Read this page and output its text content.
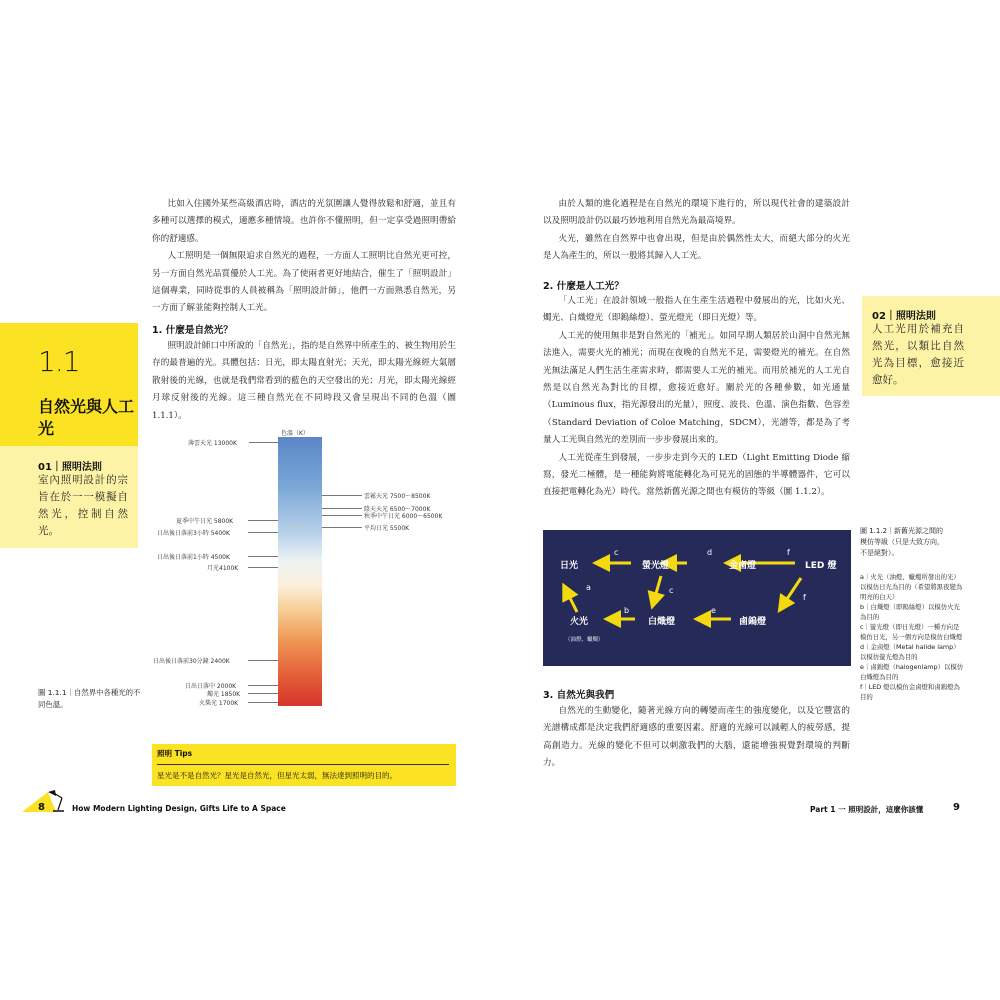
比如入住國外某些高級酒店時，酒店的光氛圍讓人覺得放鬆和舒適，並且有多種可以選擇的模式，適應多種情境。也許你不懂照明，但一定享受過照明帶給你的舒適感。

人工照明是一個無限追求自然光的過程，一方面人工照明比自然光更可控，另一方面自然光品質優於人工光。為了使兩者更好地結合，催生了「照明設計」這個專業，同時從事的人員被稱為「照明設計師」，他們一方面熟悉自然光，另一方面了解並能夠控制人工光。

1.1
自然光與人工光
01｜照明法則
室內照明設計的宗旨在於一一模擬自然光，控制自然光。
1. 什麼是自然光？

照明設計師口中所說的「自然光」，指的是自然界中所產生的、被生物用於生存的最普遍的光。具體包括：日光，即太陽直射光；天光，即太陽光線經大氣層散射後的光線，也就是我們常看到的藍色的天空發出的光；月光，即太陽光線經月球反射後的光線。這三種自然光在不同時段又會呈現出不同的色溫（圖 1.1.1）。

色溫（K）
6500
薄雲天光 13000K
夏季中午日光 5800K
日出後日落前3小時 5400K
日出後日落前1小時 4500K
月光4100K
日出後日落前30分鐘 2400K
日出日落中 2000K
燭光 1850K
火柴光 1700K
雲霧天光 7500～8500K
陰天天光 6500～7000K
秋季中午日光 6000～6500K
平均日光 5500K
圖 1.1.1｜自然界中各種光的不同色溫。
照明 Tips
星光是不是自然光？星光是自然光，但星光太弱，無法達到照明的目的。
8	How Modern Lighting Design, Gifts Life to A Space

由於人類的進化過程是在自然光的環境下進行的，所以現代社會的建築設計以及照明設計仍以最巧妙地利用自然光為最高境界。

火光，雖然在自然界中也會出現，但是由於偶然性太大，而絕大部分的火光是人為產生的，所以一般將其歸入人工光。

2. 什麼是人工光？

「人工光」在設計領域一般指人在生產生活過程中發展出的光，比如火光、燭光、白熾燈光（即鎢絲燈）、螢光燈光（即日光燈）等。

人工光的使用無非是對自然光的「補光」。如同早期人類居於山洞中自然光無法進入，需要火光的補光；而現在夜晚的自然光不足，需要燈光的補光。在自然光無法滿足人們生活生產需求時，都需要人工光的補光。而用於補光的人工光自然是以自然光為對比的目標，愈接近愈好。關於光的各種參數，如光通量（Luminous flux，指光源發出的光量），照度、波長、色溫、演色指數、色容差（Standard Deviation of Coloe Matching，SDCM），光譜等，都是為了考量人工光與自然光的差別而一步步發展出來的。

人工光從產生到發展，一步步走到今天的 LED（Light Emitting Diode 縮寫，發光二極體，是一種能夠將電能轉化為可見光的固態的半導體器件，它可以直接把電轉化為光）時代。當然新舊光源之間也有模仿的等級（圖 1.1.2）。

02｜照明法則
人工光用於補充自然光，以類比自然光為目標，愈接近愈好。
日光	螢光燈	金鹵燈	LED 燈
火光
（油燈、蠟燭）
白熾燈	鹵鎢燈
c	d	f
a	c
f
b	e
圖 1.1.2｜新舊光源之間的
模仿等級（只是大致方向，
不是絕對）。
a｜火光（油燈、蠟燭所發出的光）以模仿日光為目的（希望將黑夜變為明亮的白天）
b｜白熾燈（即鎢絲燈）以模仿火光為目的
c｜螢光燈（即日光燈）一種方向是模仿日光，另一個方向是模仿白熾燈
d｜金鹵燈（Metal halide lamp）以模仿螢光燈為目的
e｜鹵鎢燈（halogenlamp）以模仿白熾燈為目的
f｜LED 燈以模仿金鹵燈和鹵鎢燈為目的
3. 自然光與我們

自然光的生動變化，隨著光線方向的轉變而產生的強度變化，以及它豐富的光譜構成都是決定我們舒適感的重要因素。舒適的光線可以減輕人的疲勞感，提高創造力。光線的變化不但可以刺激我們的大腦，還能增強視覺對環境的判斷力。

Part 1 一 照明設計，這麼你該懂	9
